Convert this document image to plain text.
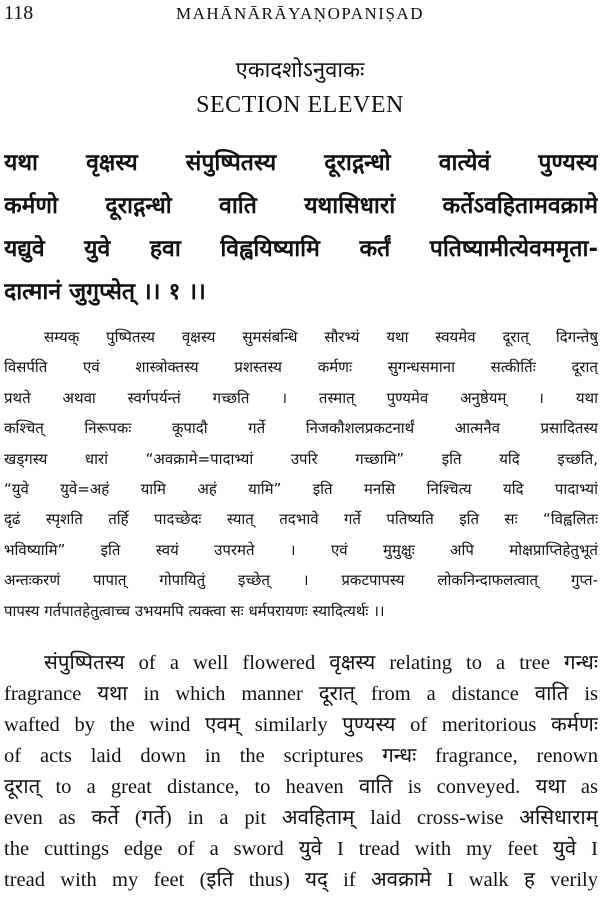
118	MAHĀNĀRĀYAṆOPANIṢAD
एकादशोऽनुवाकः
SECTION ELEVEN
यथा वृक्षस्य संपुष्पितस्य दूराद्गन्धो वात्येवं पुण्यस्य
कर्मणो दूराद्गन्धो वाति यथासिधारां कर्तेऽवहितामवक्रामे
यद्युवे युवे हवा विह्वयिष्यामि कर्तं पतिष्यामीत्येवममृता-
दात्मानं जुगुप्सेत् ।। १ ।।
सम्यक् पुष्पितस्य वृक्षस्य सुमसंबन्धि सौरभ्यं यथा स्वयमेव दूरात् दिगन्तेषु
विसर्पति एवं शास्त्रोक्तस्य प्रशस्तस्य कर्मणः सुगन्धसमाना सत्कीर्तिः दूरात्
प्रथते अथवा स्वर्गपर्यन्तं गच्छति । तस्मात् पुण्यमेव अनुष्ठेयम् । यथा
कश्चित् निरूपकः कूपादौ गर्ते निजकौशलप्रकटनार्थं आत्मनैव प्रसादितस्य
खड्गस्य धारां “अवक्रामे=पादाभ्यां उपरि गच्छामि” इति यदि इच्छति,
“युवे युवे=अहं यामि अहं यामि” इति मनसि निश्चित्य यदि पादाभ्यां
दृढं स्पृशति तर्हि पादच्छेदः स्यात् तदभावे गर्ते पतिष्यति इति सः “विह्वलितः
भविष्यामि” इति स्वयं उपरमते । एवं मुमुक्षुः अपि मोक्षप्राप्तिहेतुभूतं
अन्तःकरणं पापात् गोपायितुं इच्छेत् । प्रकटपापस्य लोकनिन्दाफलत्वात् गुप्त-
पापस्य गर्तपातहेतुत्वाच्च उभयमपि त्यक्त्वा सः धर्मपरायणः स्यादित्यर्थः ।।
संपुष्पितस्य of a well flowered वृक्षस्य relating to a tree गन्धः
fragrance यथा in which manner दूरात् from a distance वाति is
wafted by the wind एवम् similarly पुण्यस्य of meritorious कर्मणः
of acts laid down in the scriptures गन्धः fragrance, renown
दूरात् to a great distance, to heaven वाति is conveyed. यथा as
even as कर्ते (गर्ते) in a pit अवहिताम् laid cross-wise असिधाराम्
the cuttings edge of a sword युवे I tread with my feet युवे I
tread with my feet (इति thus) यद् if अवक्रामे I walk ह verily
